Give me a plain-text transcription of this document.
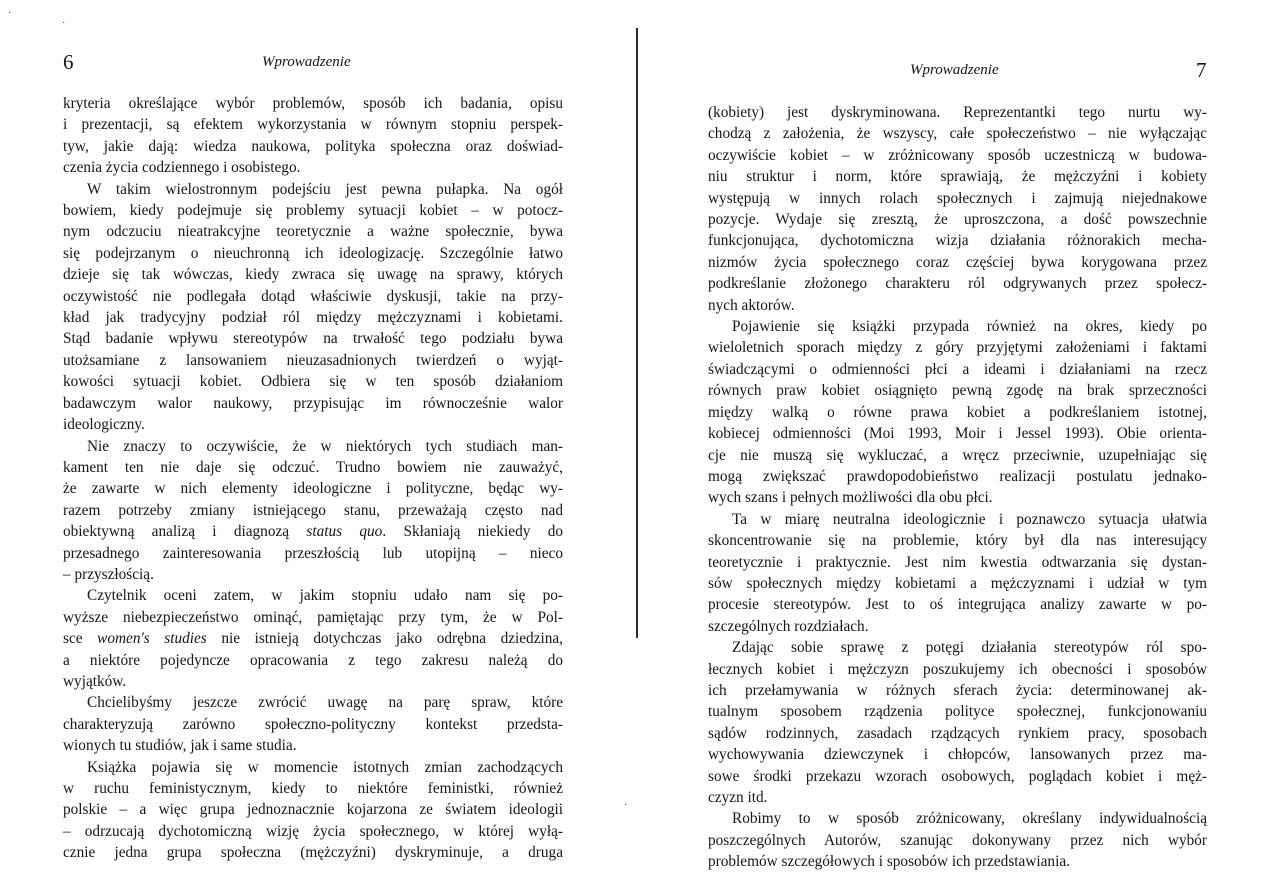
6	Wprowadzenie

kryteria określające wybór problemów, sposób ich badania, opisu

i prezentacji, są efektem wykorzystania w równym stopniu perspek-

tyw, jakie dają: wiedza naukowa, polityka społeczna oraz doświad-

czenia życia codziennego i osobistego.

W takim wielostronnym podejściu jest pewna pułapka. Na ogół

bowiem, kiedy podejmuje się problemy sytuacji kobiet – w potocz-

nym odczuciu nieatrakcyjne teoretycznie a ważne społecznie, bywa

się podejrzanym o nieuchronną ich ideologizację. Szczególnie łatwo

dzieje się tak wówczas, kiedy zwraca się uwagę na sprawy, których

oczywistość nie podlegała dotąd właściwie dyskusji, takie na przy-

kład jak tradycyjny podział ról między mężczyznami i kobietami.

Stąd badanie wpływu stereotypów na trwałość tego podziału bywa

utożsamiane z lansowaniem nieuzasadnionych twierdzeń o wyjąt-

kowości sytuacji kobiet. Odbiera się w ten sposób działaniom

badawczym walor naukowy, przypisując im równocześnie walor

ideologiczny.

Nie znaczy to oczywiście, że w niektórych tych studiach man-

kament ten nie daje się odczuć. Trudno bowiem nie zauważyć,

że zawarte w nich elementy ideologiczne i polityczne, będąc wy-

razem potrzeby zmiany istniejącego stanu, przeważają często nad

obiektywną analizą i diagnozą status quo. Skłaniają niekiedy do

przesadnego zainteresowania przeszłością lub utopijną – nieco

– przyszłością.

Czytelnik oceni zatem, w jakim stopniu udało nam się po-

wyższe niebezpieczeństwo ominąć, pamiętając przy tym, że w Pol-

sce women's studies nie istnieją dotychczas jako odrębna dziedzina,

a niektóre pojedyncze opracowania z tego zakresu należą do

wyjątków.

Chcielibyśmy jeszcze zwrócić uwagę na parę spraw, które

charakteryzują zarówno społeczno-polityczny kontekst przedsta-

wionych tu studiów, jak i same studia.

Książka pojawia się w momencie istotnych zmian zachodzących

w ruchu feministycznym, kiedy to niektóre feministki, również

polskie – a więc grupa jednoznacznie kojarzona ze światem ideologii

– odrzucają dychotomiczną wizję życia społecznego, w której wyłą-

cznie jedna grupa społeczna (mężczyźni) dyskryminuje, a druga

·
·
·
Wprowadzenie	7

(kobiety) jest dyskryminowana. Reprezentantki tego nurtu wy-

chodzą z założenia, że wszyscy, całe społeczeństwo – nie wyłączając

oczywiście kobiet – w zróżnicowany sposób uczestniczą w budowa-

niu struktur i norm, które sprawiają, że mężczyźni i kobiety

występują w innych rolach społecznych i zajmują niejednakowe

pozycje. Wydaje się zresztą, że uproszczona, a dość powszechnie

funkcjonująca, dychotomiczna wizja działania różnorakich mecha-

nizmów życia społecznego coraz częściej bywa korygowana przez

podkreślanie złożonego charakteru ról odgrywanych przez społecz-

nych aktorów.

Pojawienie się książki przypada również na okres, kiedy po

wieloletnich sporach między z góry przyjętymi założeniami i faktami

świadczącymi o odmienności płci a ideami i działaniami na rzecz

równych praw kobiet osiągnięto pewną zgodę na brak sprzeczności

między walką o równe prawa kobiet a podkreślaniem istotnej,

kobiecej odmienności (Moi 1993, Moir i Jessel 1993). Obie orienta-

cje nie muszą się wykluczać, a wręcz przeciwnie, uzupełniając się

mogą zwiększać prawdopodobieństwo realizacji postulatu jednako-

wych szans i pełnych możliwości dla obu płci.

Ta w miarę neutralna ideologicznie i poznawczo sytuacja ułatwia

skoncentrowanie się na problemie, który był dla nas interesujący

teoretycznie i praktycznie. Jest nim kwestia odtwarzania się dystan-

sów społecznych między kobietami a mężczyznami i udział w tym

procesie stereotypów. Jest to oś integrująca analizy zawarte w po-

szczególnych rozdziałach.

Zdając sobie sprawę z potęgi działania stereotypów ról spo-

łecznych kobiet i mężczyzn poszukujemy ich obecności i sposobów

ich przełamywania w różnych sferach życia: determinowanej ak-

tualnym sposobem rządzenia polityce społecznej, funkcjonowaniu

sądów rodzinnych, zasadach rządzących rynkiem pracy, sposobach

wychowywania dziewczynek i chłopców, lansowanych przez ma-

sowe środki przekazu wzorach osobowych, poglądach kobiet i męż-

czyzn itd.

Robimy to w sposób zróżnicowany, określany indywidualnością

poszczególnych Autorów, szanując dokonywany przez nich wybór

problemów szczegółowych i sposobów ich przedstawiania.
